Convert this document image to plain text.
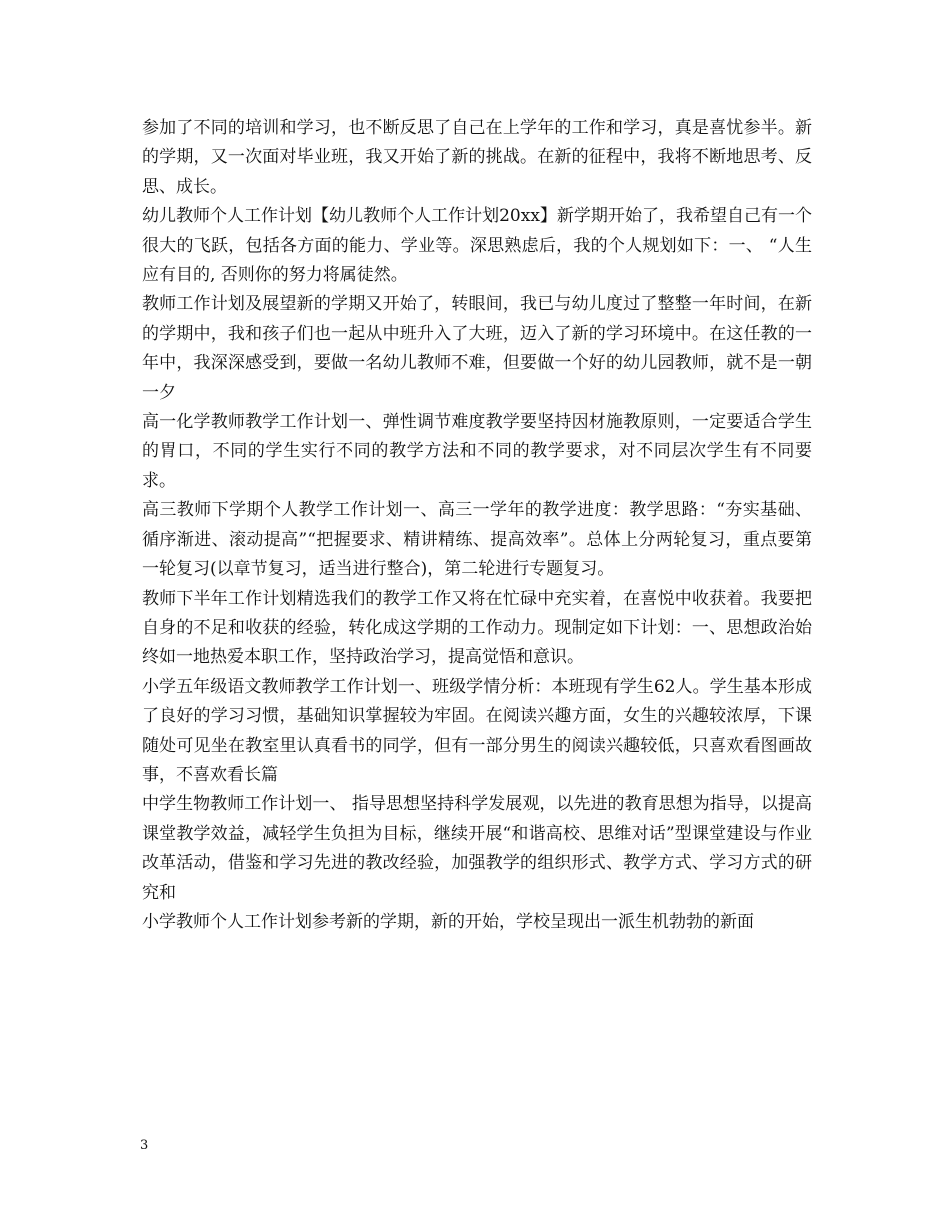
参加了不同的培训和学习，也不断反思了自己在上学年的工作和学习，真是喜忧参半。新的学期，又一次面对毕业班，我又开始了新的挑战。在新的征程中，我将不断地思考、反思、成长。

幼儿教师个人工作计划【幼儿教师个人工作计划20xx】新学期开始了，我希望自己有一个很大的飞跃，包括各方面的能力、学业等。深思熟虑后，我的个人规划如下：一、 “人生应有目的, 否则你的努力将属徒然。

教师工作计划及展望新的学期又开始了，转眼间，我已与幼儿度过了整整一年时间，在新的学期中，我和孩子们也一起从中班升入了大班，迈入了新的学习环境中。在这任教的一年中，我深深感受到，要做一名幼儿教师不难，但要做一个好的幼儿园教师，就不是一朝一夕

高一化学教师教学工作计划一、弹性调节难度教学要坚持因材施教原则，一定要适合学生的胃口，不同的学生实行不同的教学方法和不同的教学要求，对不同层次学生有不同要求。

高三教师下学期个人教学工作计划一、高三一学年的教学进度：教学思路：“夯实基础、循序渐进、滚动提高”“把握要求、精讲精练、提高效率”。总体上分两轮复习，重点要第一轮复习(以章节复习，适当进行整合)，第二轮进行专题复习。

教师下半年工作计划精选我们的教学工作又将在忙碌中充实着，在喜悦中收获着。我要把自身的不足和收获的经验，转化成这学期的工作动力。现制定如下计划：一、思想政治始终如一地热爱本职工作，坚持政治学习，提高觉悟和意识。

小学五年级语文教师教学工作计划一、班级学情分析：本班现有学生62人。学生基本形成了良好的学习习惯，基础知识掌握较为牢固。在阅读兴趣方面，女生的兴趣较浓厚，下课随处可见坐在教室里认真看书的同学，但有一部分男生的阅读兴趣较低，只喜欢看图画故事，不喜欢看长篇

中学生物教师工作计划一、 指导思想坚持科学发展观，以先进的教育思想为指导，以提高课堂教学效益，减轻学生负担为目标，继续开展“和谐高校、思维对话”型课堂建设与作业改革活动，借鉴和学习先进的教改经验，加强教学的组织形式、教学方式、学习方式的研究和

小学教师个人工作计划参考新的学期，新的开始，学校呈现出一派生机勃勃的新面

3
